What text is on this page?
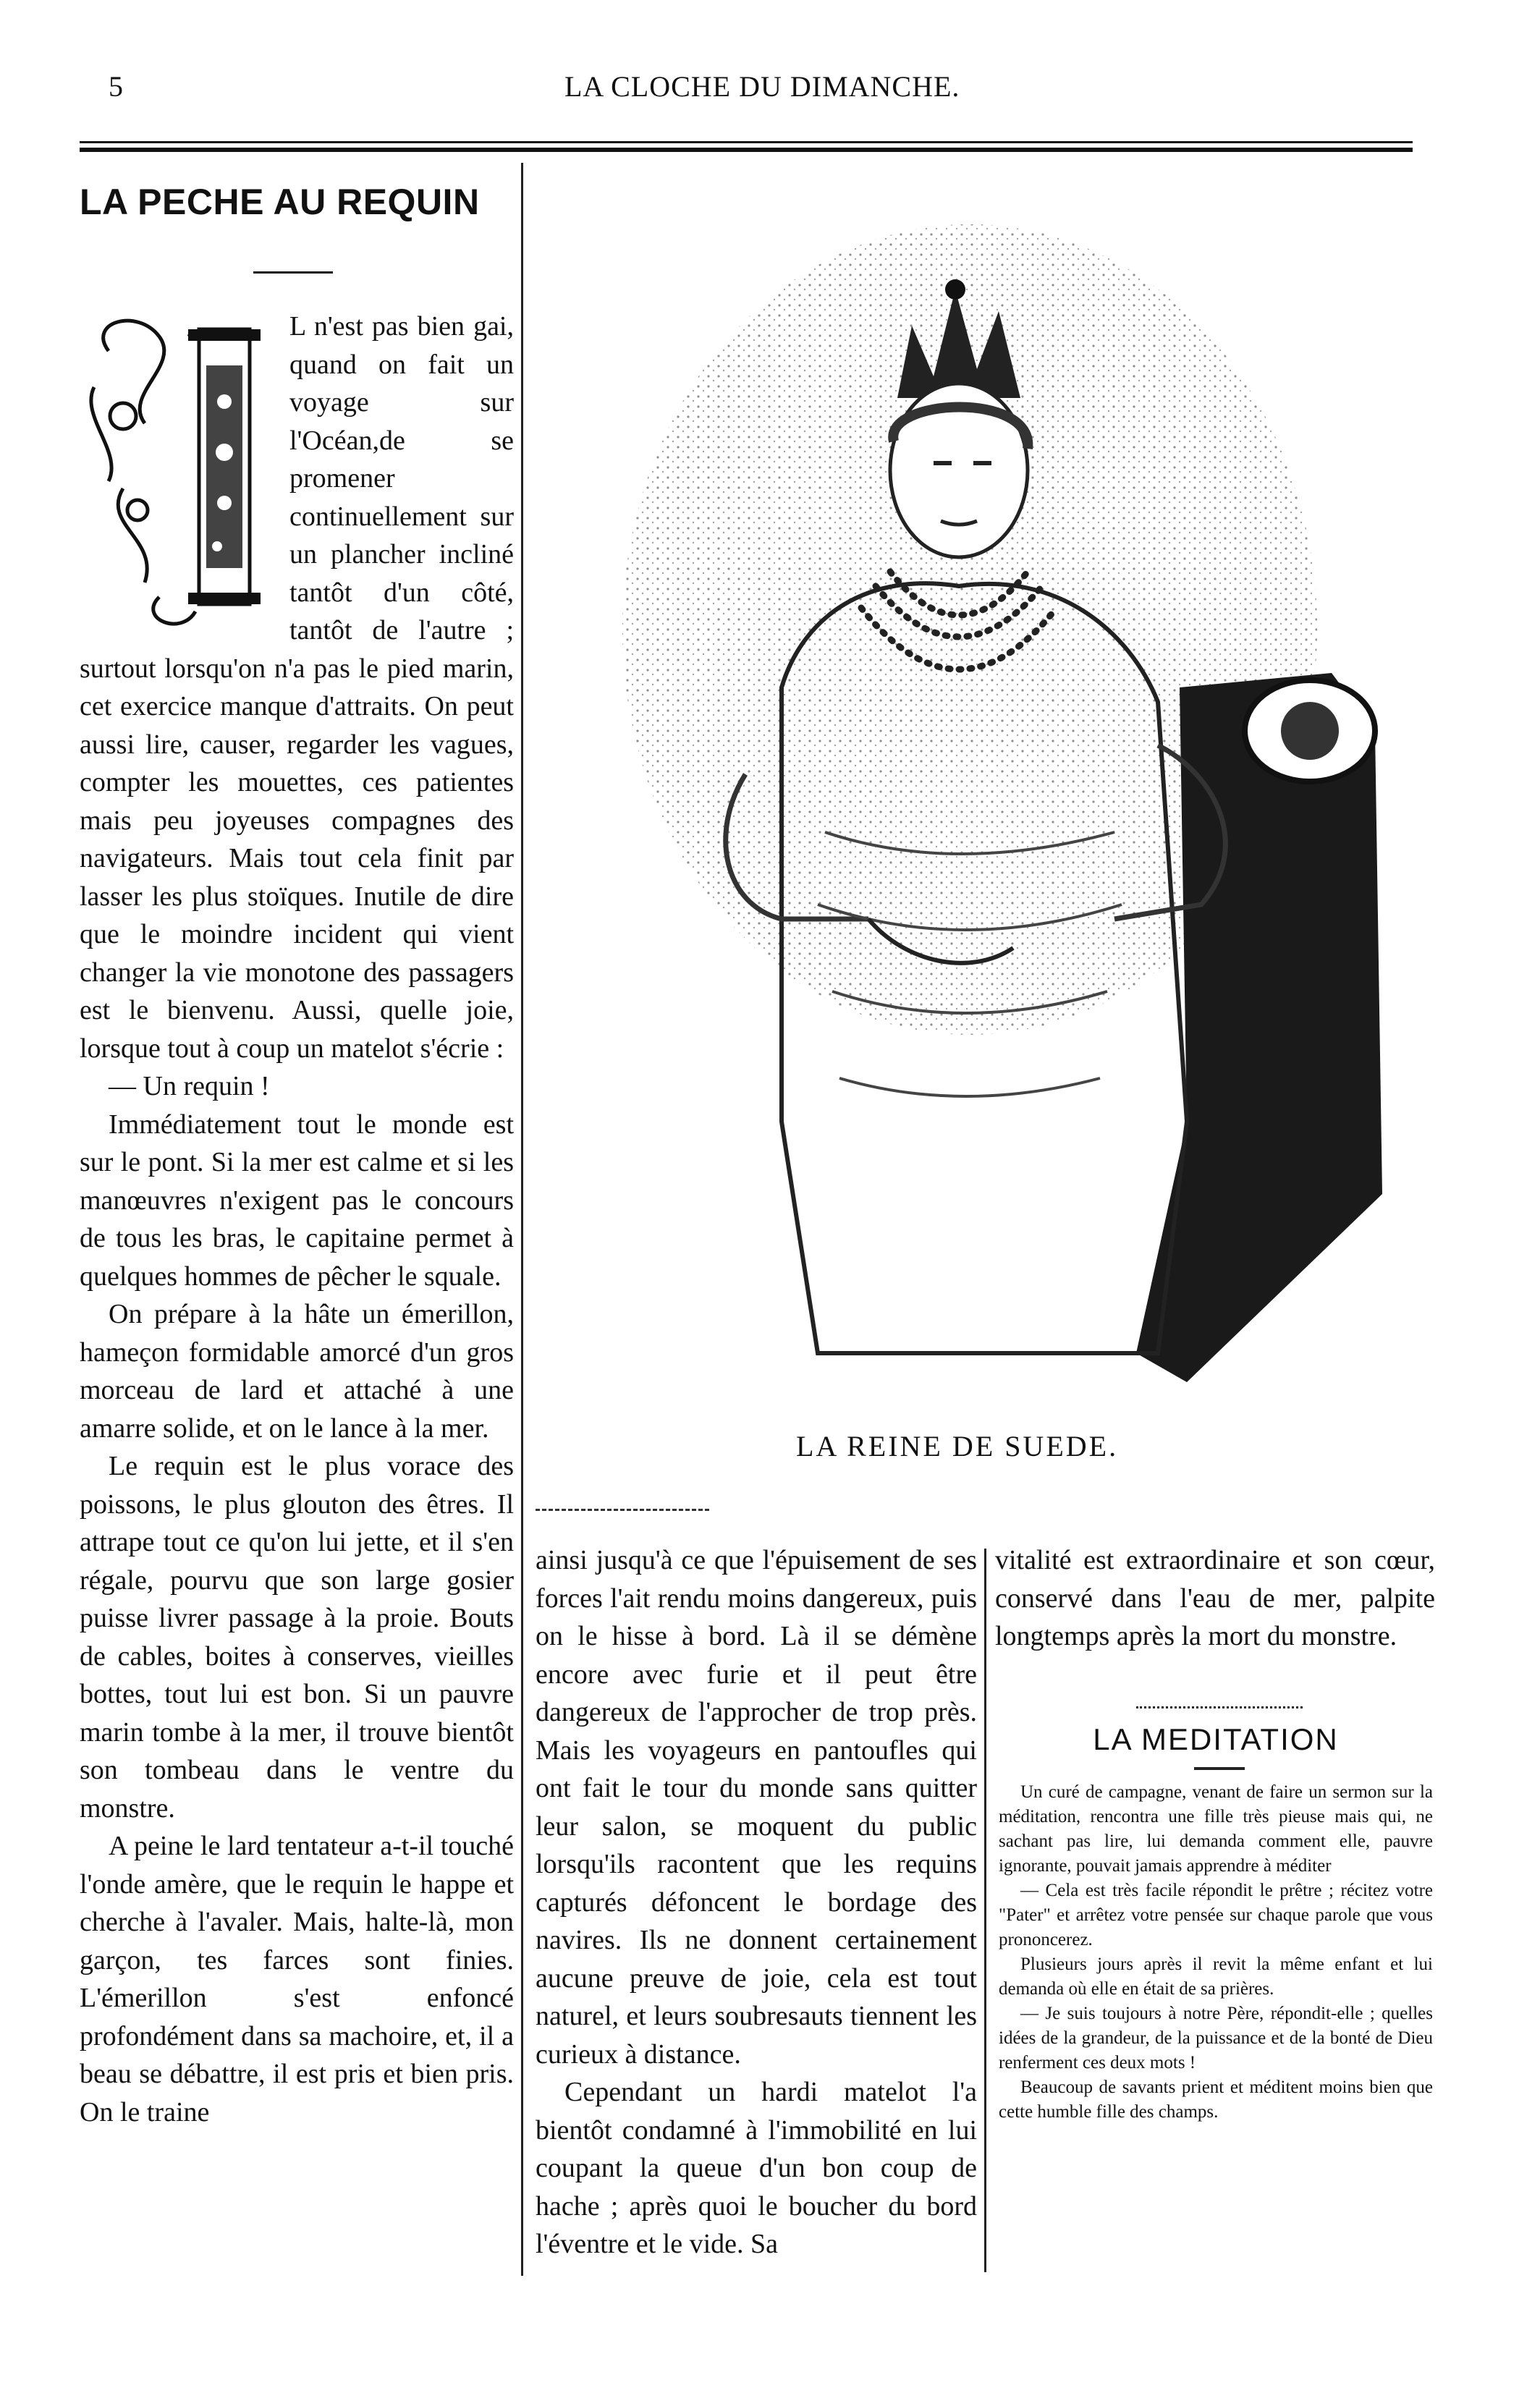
5	LA CLOCHE DU DIMANCHE.
LA PECHE AU REQUIN

L n'est pas bien gai, quand on fait un voyage sur l'Océan,de se promener continuellement sur un plancher incliné tantôt d'un côté, tantôt de l'autre ; surtout lorsqu'on n'a pas le pied marin, cet exercice manque d'attraits. On peut aussi lire, causer, regarder les vagues, compter les mouettes, ces patientes mais peu joyeuses compagnes des navigateurs. Mais tout cela finit par lasser les plus stoïques. Inutile de dire que le moindre incident qui vient changer la vie monotone des passagers est le bienvenu. Aussi, quelle joie, lorsque tout à coup un matelot s'écrie :

— Un requin !

Immédiatement tout le monde est sur le pont. Si la mer est calme et si les manœuvres n'exigent pas le concours de tous les bras, le capitaine permet à quelques hommes de pêcher le squale.

On prépare à la hâte un émerillon, hameçon formidable amorcé d'un gros morceau de lard et attaché à une amarre solide, et on le lance à la mer.

Le requin est le plus vorace des poissons, le plus glouton des êtres. Il attrape tout ce qu'on lui jette, et il s'en régale, pourvu que son large gosier puisse livrer passage à la proie. Bouts de cables, boites à conserves, vieilles bottes, tout lui est bon. Si un pauvre marin tombe à la mer, il trouve bientôt son tombeau dans le ventre du monstre.

A peine le lard tentateur a-t-il touché l'onde amère, que le requin le happe et cherche à l'avaler. Mais, halte-là, mon garçon, tes farces sont finies. L'émerillon s'est enfoncé profondément dans sa machoire, et, il a beau se débattre, il est pris et bien pris. On le traine

LA REINE DE SUEDE.

ainsi jusqu'à ce que l'épuisement de ses forces l'ait rendu moins dangereux, puis on le hisse à bord. Là il se démène encore avec furie et il peut être dangereux de l'approcher de trop près. Mais les voyageurs en pantoufles qui ont fait le tour du monde sans quitter leur salon, se moquent du public lorsqu'ils racontent que les requins capturés défoncent le bordage des navires. Ils ne donnent certainement aucune preuve de joie, cela est tout naturel, et leurs soubresauts tiennent les curieux à distance.

Cependant un hardi matelot l'a bientôt condamné à l'immobilité en lui coupant la queue d'un bon coup de hache ; après quoi le boucher du bord l'éventre et le vide. Sa

vitalité est extraordinaire et son cœur, conservé dans l'eau de mer, palpite longtemps après la mort du monstre.

LA MEDITATION

Un curé de campagne, venant de faire un sermon sur la méditation, rencontra une fille très pieuse mais qui, ne sachant pas lire, lui demanda comment elle, pauvre ignorante, pouvait jamais apprendre à méditer

— Cela est très facile répondit le prêtre ; récitez votre "Pater" et arrêtez votre pensée sur chaque parole que vous prononcerez.

Plusieurs jours après il revit la même enfant et lui demanda où elle en était de sa prières.

— Je suis toujours à notre Père, répondit-elle ; quelles idées de la grandeur, de la puissance et de la bonté de Dieu renferment ces deux mots !

Beaucoup de savants prient et méditent moins bien que cette humble fille des champs.
